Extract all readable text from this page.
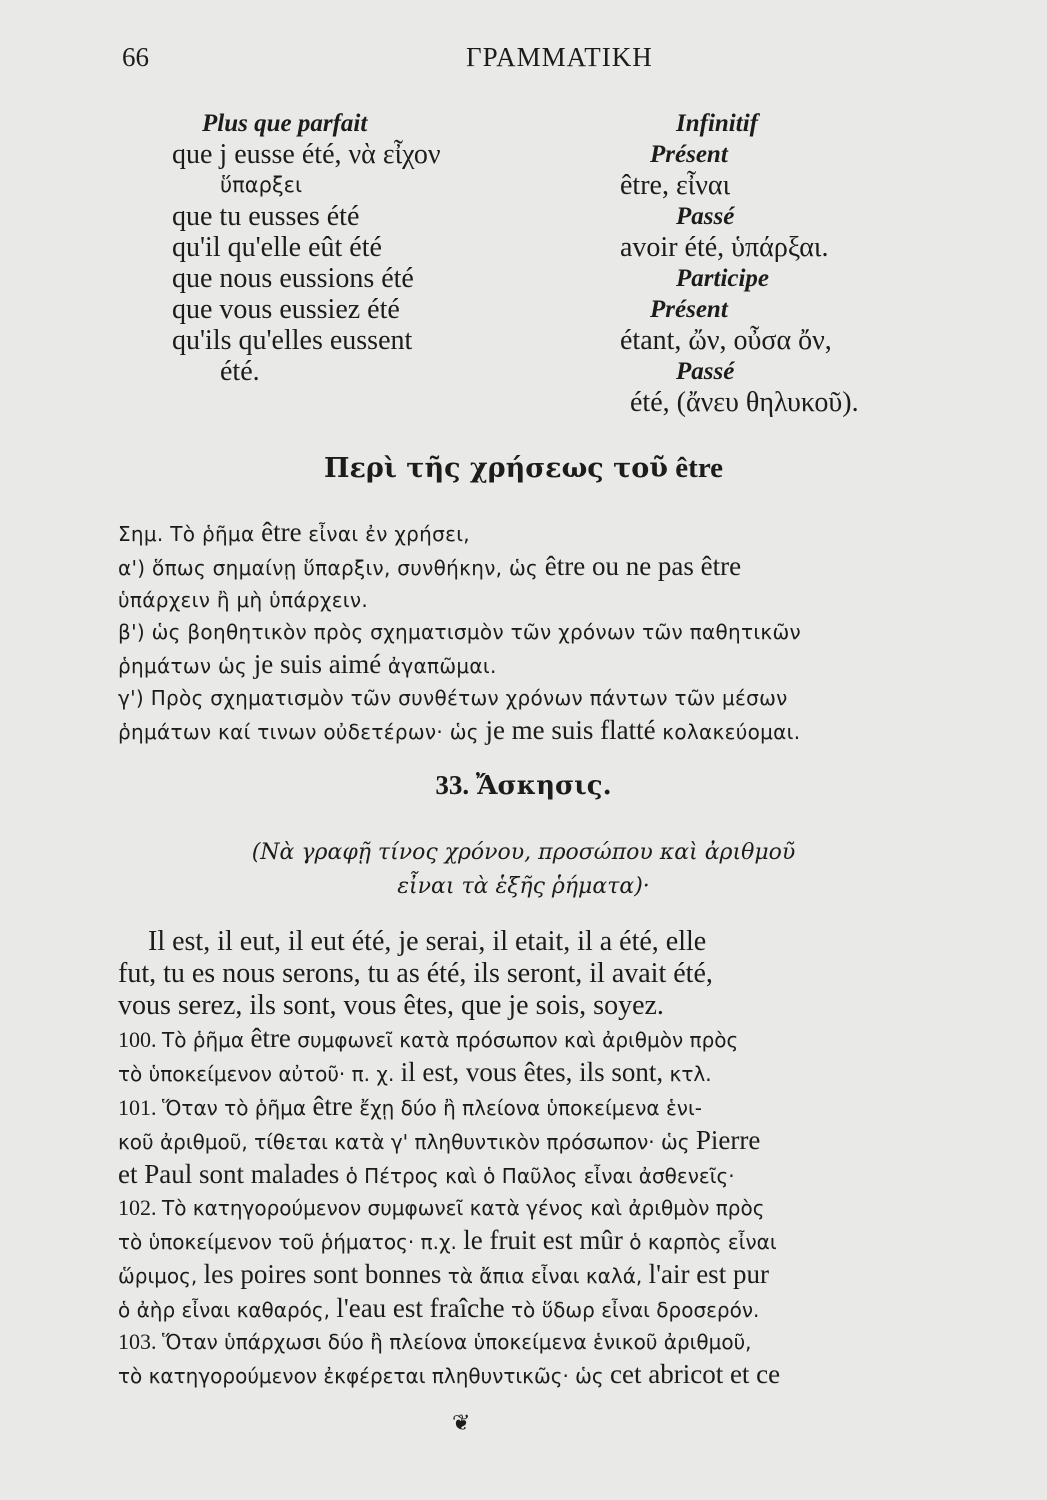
66	ΓΡΑΜΜΑΤΙΚΗ
Plus que parfait
que j eusse été, νὰ εἶχον
ὕπαρξει
que tu eusses été
qu'il qu'elle eût été
que nous eussions été
que vous eussiez été
qu'ils qu'elles eussent
été.
Infinitif
Présent
être, εἶναι
Passé
avoir été, ὑπάρξαι.
Participe
Présent
étant, ὤν, οὖσα ὄν,
Passé
été, (ἄνευ θηλυκοῦ).
Περὶ τῆς χρήσεως τοῦ être
Σημ. Τὸ ῥῆμα être εἶναι ἐν χρήσει,
α') ὅπως σημαίνῃ ὕπαρξιν, συνθήκην, ὡς être ou ne pas être
ὑπάρχειν ἢ μὴ ὑπάρχειν.
β') ὡς βοηθητικὸν πρὸς σχηματισμὸν τῶν χρόνων τῶν παθητικῶν
ῥημάτων ὡς je suis aimé ἀγαπῶμαι.
γ') Πρὸς σχηματισμὸν τῶν συνθέτων χρόνων πάντων τῶν μέσων
ῥημάτων καί τινων οὐδετέρων· ὡς je me suis flatté κολακεύομαι.
33. Ἄσκησις.
(Νὰ γραφῇ τίνος χρόνου, προσώπου καὶ ἀριθμοῦ
εἶναι τὰ ἑξῆς ῥήματα)·
Il est, il eut, il eut été, je serai, il etait, il a été, elle
fut, tu es nous serons, tu as été, ils seront, il avait été,
vous serez, ils sont, vous êtes, que je sois, soyez.
100. Τὸ ῥῆμα être συμφωνεῖ κατὰ πρόσωπον καὶ ἀριθμὸν πρὸς
τὸ ὑποκείμενον αὐτοῦ· π. χ. il est, vous êtes, ils sont, κτλ.
101. Ὅταν τὸ ῥῆμα être ἔχῃ δύο ἢ πλείονα ὑποκείμενα ἑνι-
κοῦ ἀριθμοῦ, τίθεται κατὰ γ' πληθυντικὸν πρόσωπον· ὡς Pierre
et Paul sont malades ὁ Πέτρος καὶ ὁ Παῦλος εἶναι ἀσθενεῖς·
102. Τὸ κατηγορούμενον συμφωνεῖ κατὰ γένος καὶ ἀριθμὸν πρὸς
τὸ ὑποκείμενον τοῦ ῥήματος· π.χ. le fruit est mûr ὁ καρπὸς εἶναι
ὥριμος, les poires sont bonnes τὰ ἄπια εἶναι καλά, l'air est pur
ὁ ἀὴρ εἶναι καθαρός, l'eau est fraîche τὸ ὕδωρ εἶναι δροσερόν.
103. Ὅταν ὑπάρχωσι δύο ἢ πλείονα ὑποκείμενα ἑνικοῦ ἀριθμοῦ,
τὸ κατηγορούμενον ἐκφέρεται πληθυντικῶς· ὡς cet abricot et ce
❦
